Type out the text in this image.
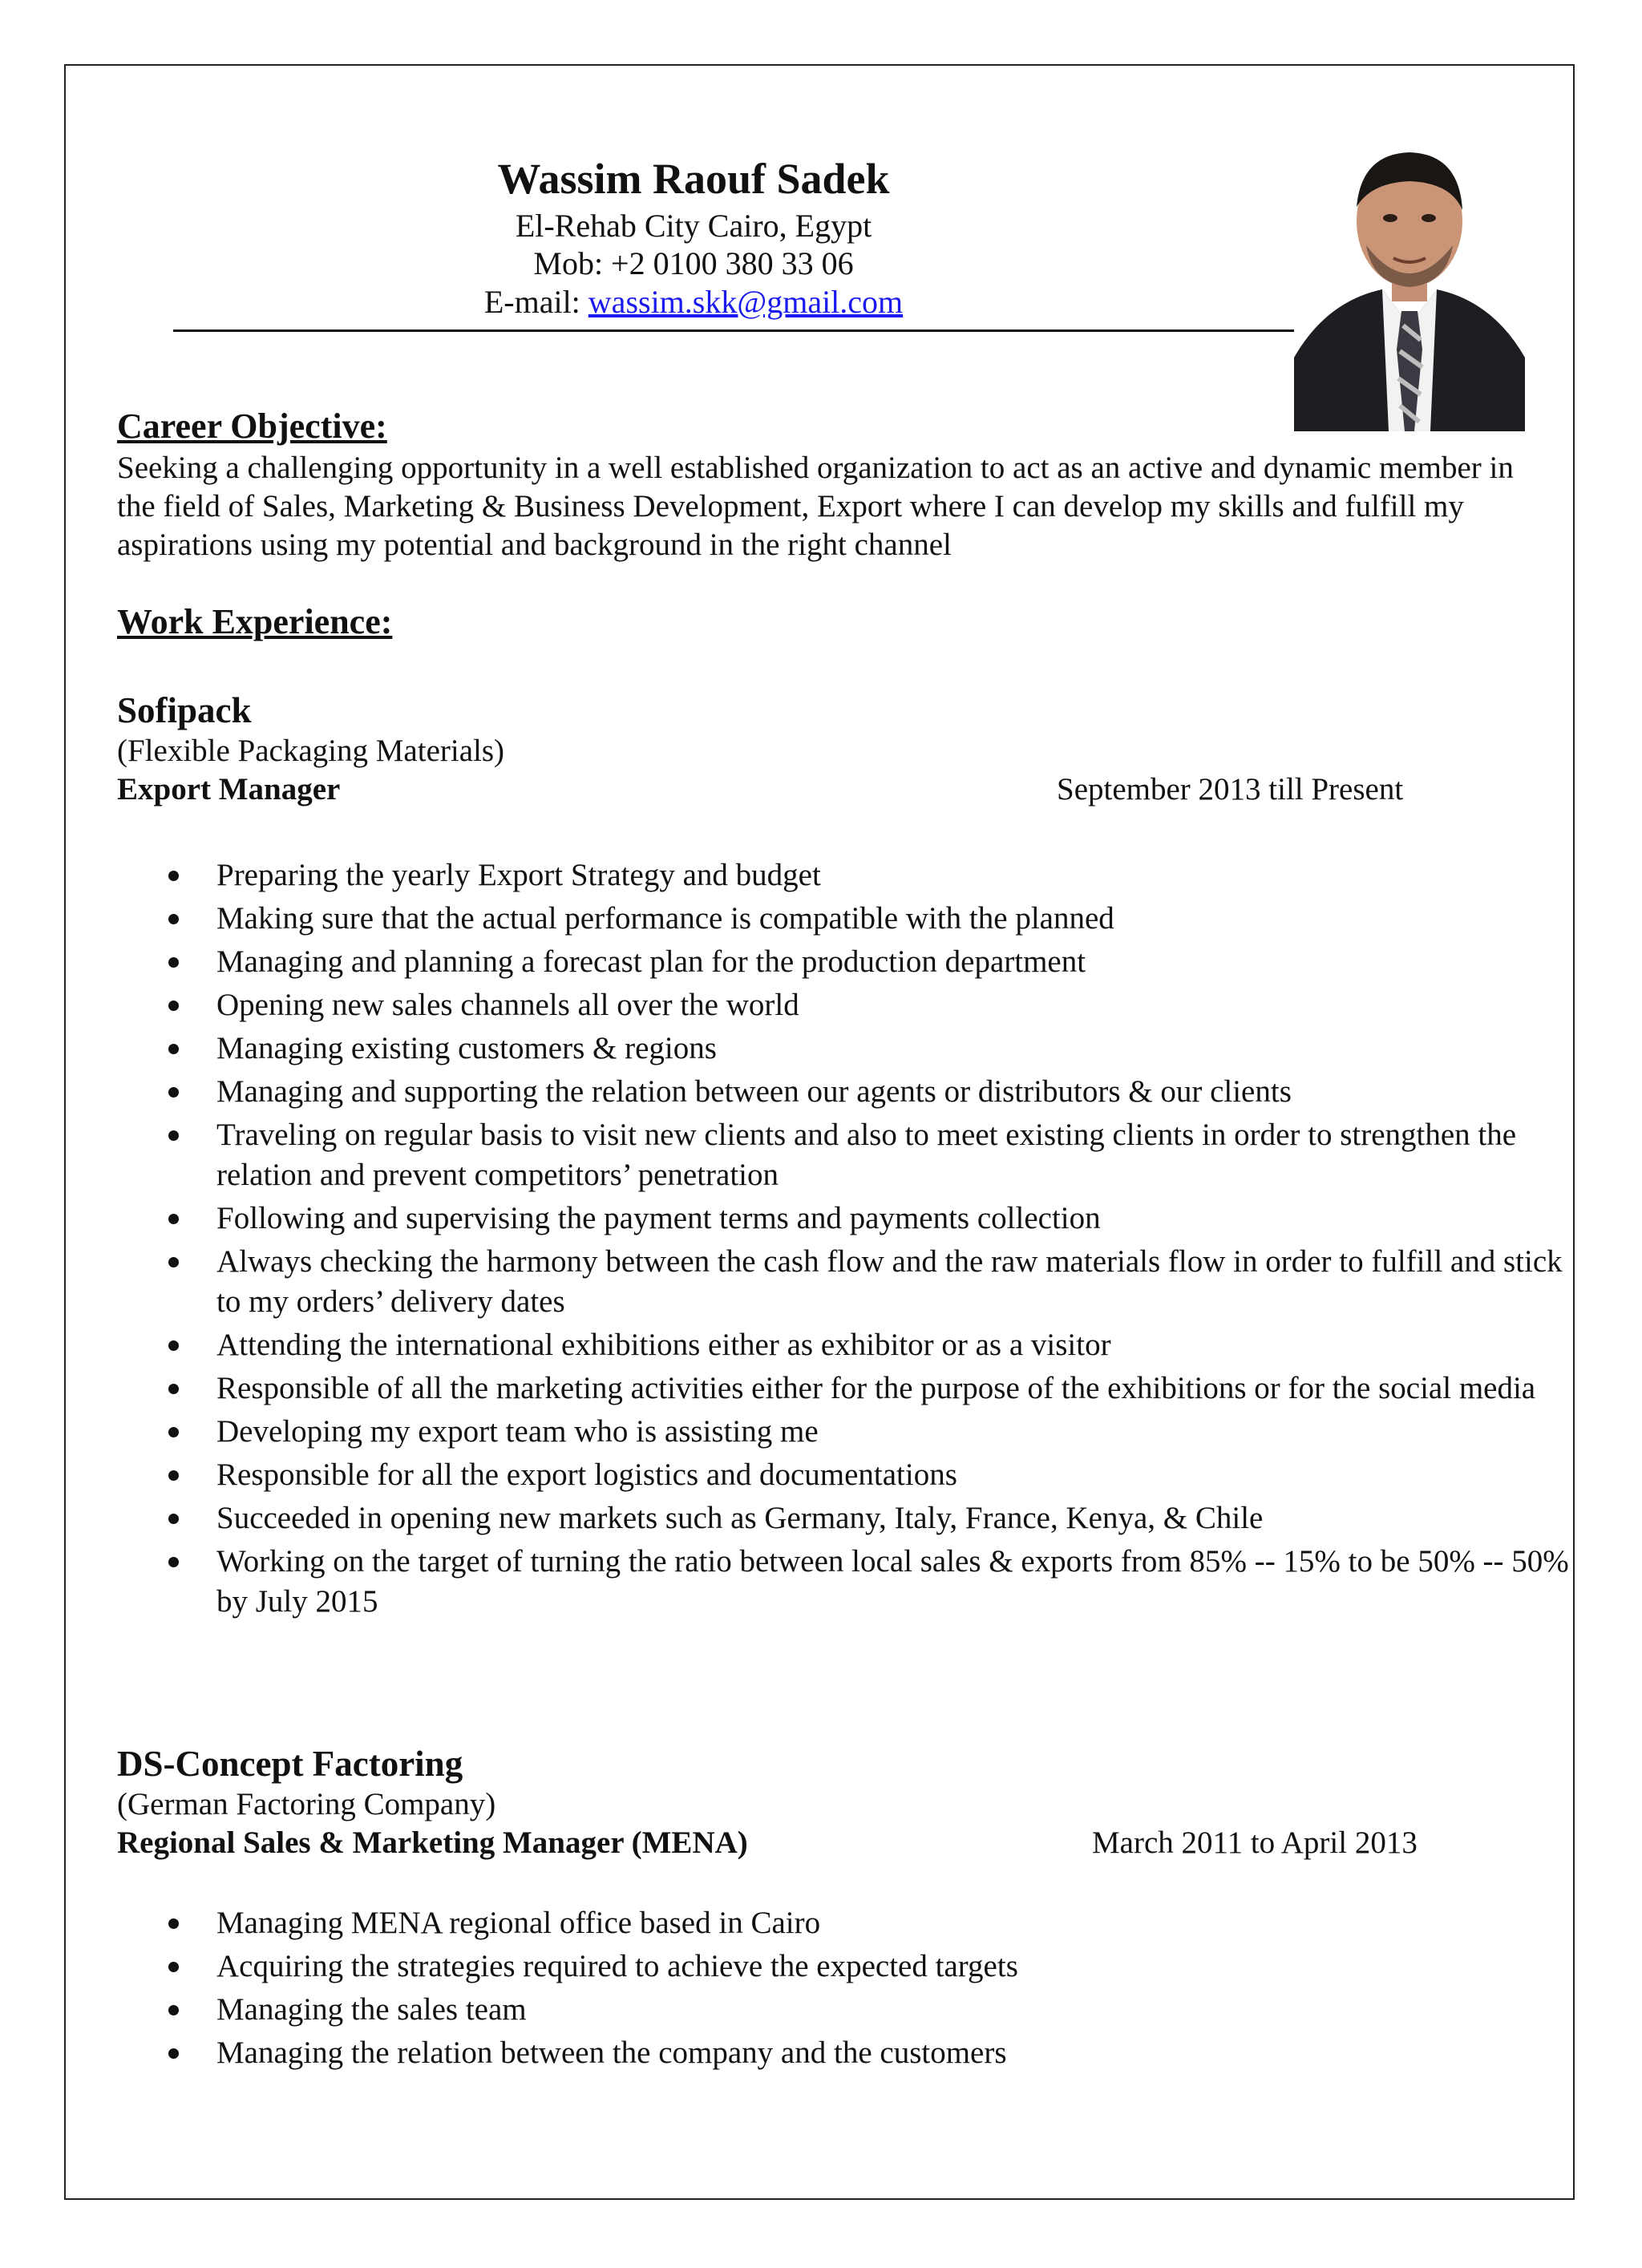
Wassim Raouf Sadek
El-Rehab City Cairo, Egypt
Mob: +2 0100 380 33 06
E-mail: wassim.skk@gmail.com
Career Objective:
Seeking a challenging opportunity in a well established organization to act as an active and dynamic member in the field of Sales, Marketing & Business Development, Export where I can develop my skills and fulfill my aspirations using my potential and background in the right channel
Work Experience:
Sofipack
(Flexible Packaging Materials)
Export Manager	September 2013 till Present
Preparing the yearly Export Strategy and budget
Making sure that the actual performance is compatible with the planned
Managing and planning a forecast plan for the production department
Opening new sales channels all over the world
Managing existing customers & regions
Managing and supporting the relation between our agents or distributors & our clients
Traveling on regular basis to visit new clients and also to meet existing clients in order to strengthen the relation and prevent competitors’ penetration
Following and supervising the payment terms and payments collection
Always checking the harmony between the cash flow and the raw materials flow in order to fulfill and stick to my orders’ delivery dates
Attending the international exhibitions either as exhibitor or as a visitor
Responsible of all the marketing activities either for the purpose of the exhibitions or for the social media
Developing my export team who is assisting me
Responsible for all the export logistics and documentations
Succeeded in opening new markets such as Germany, Italy, France, Kenya, & Chile
Working on the target of turning the ratio between local sales & exports from 85% -- 15% to be 50% -- 50% by July 2015
DS-Concept Factoring
(German Factoring Company)
Regional Sales & Marketing Manager (MENA)	March 2011 to April 2013
Managing MENA regional office based in Cairo
Acquiring the strategies required to achieve the expected targets
Managing the sales team
Managing the relation between the company and the customers
